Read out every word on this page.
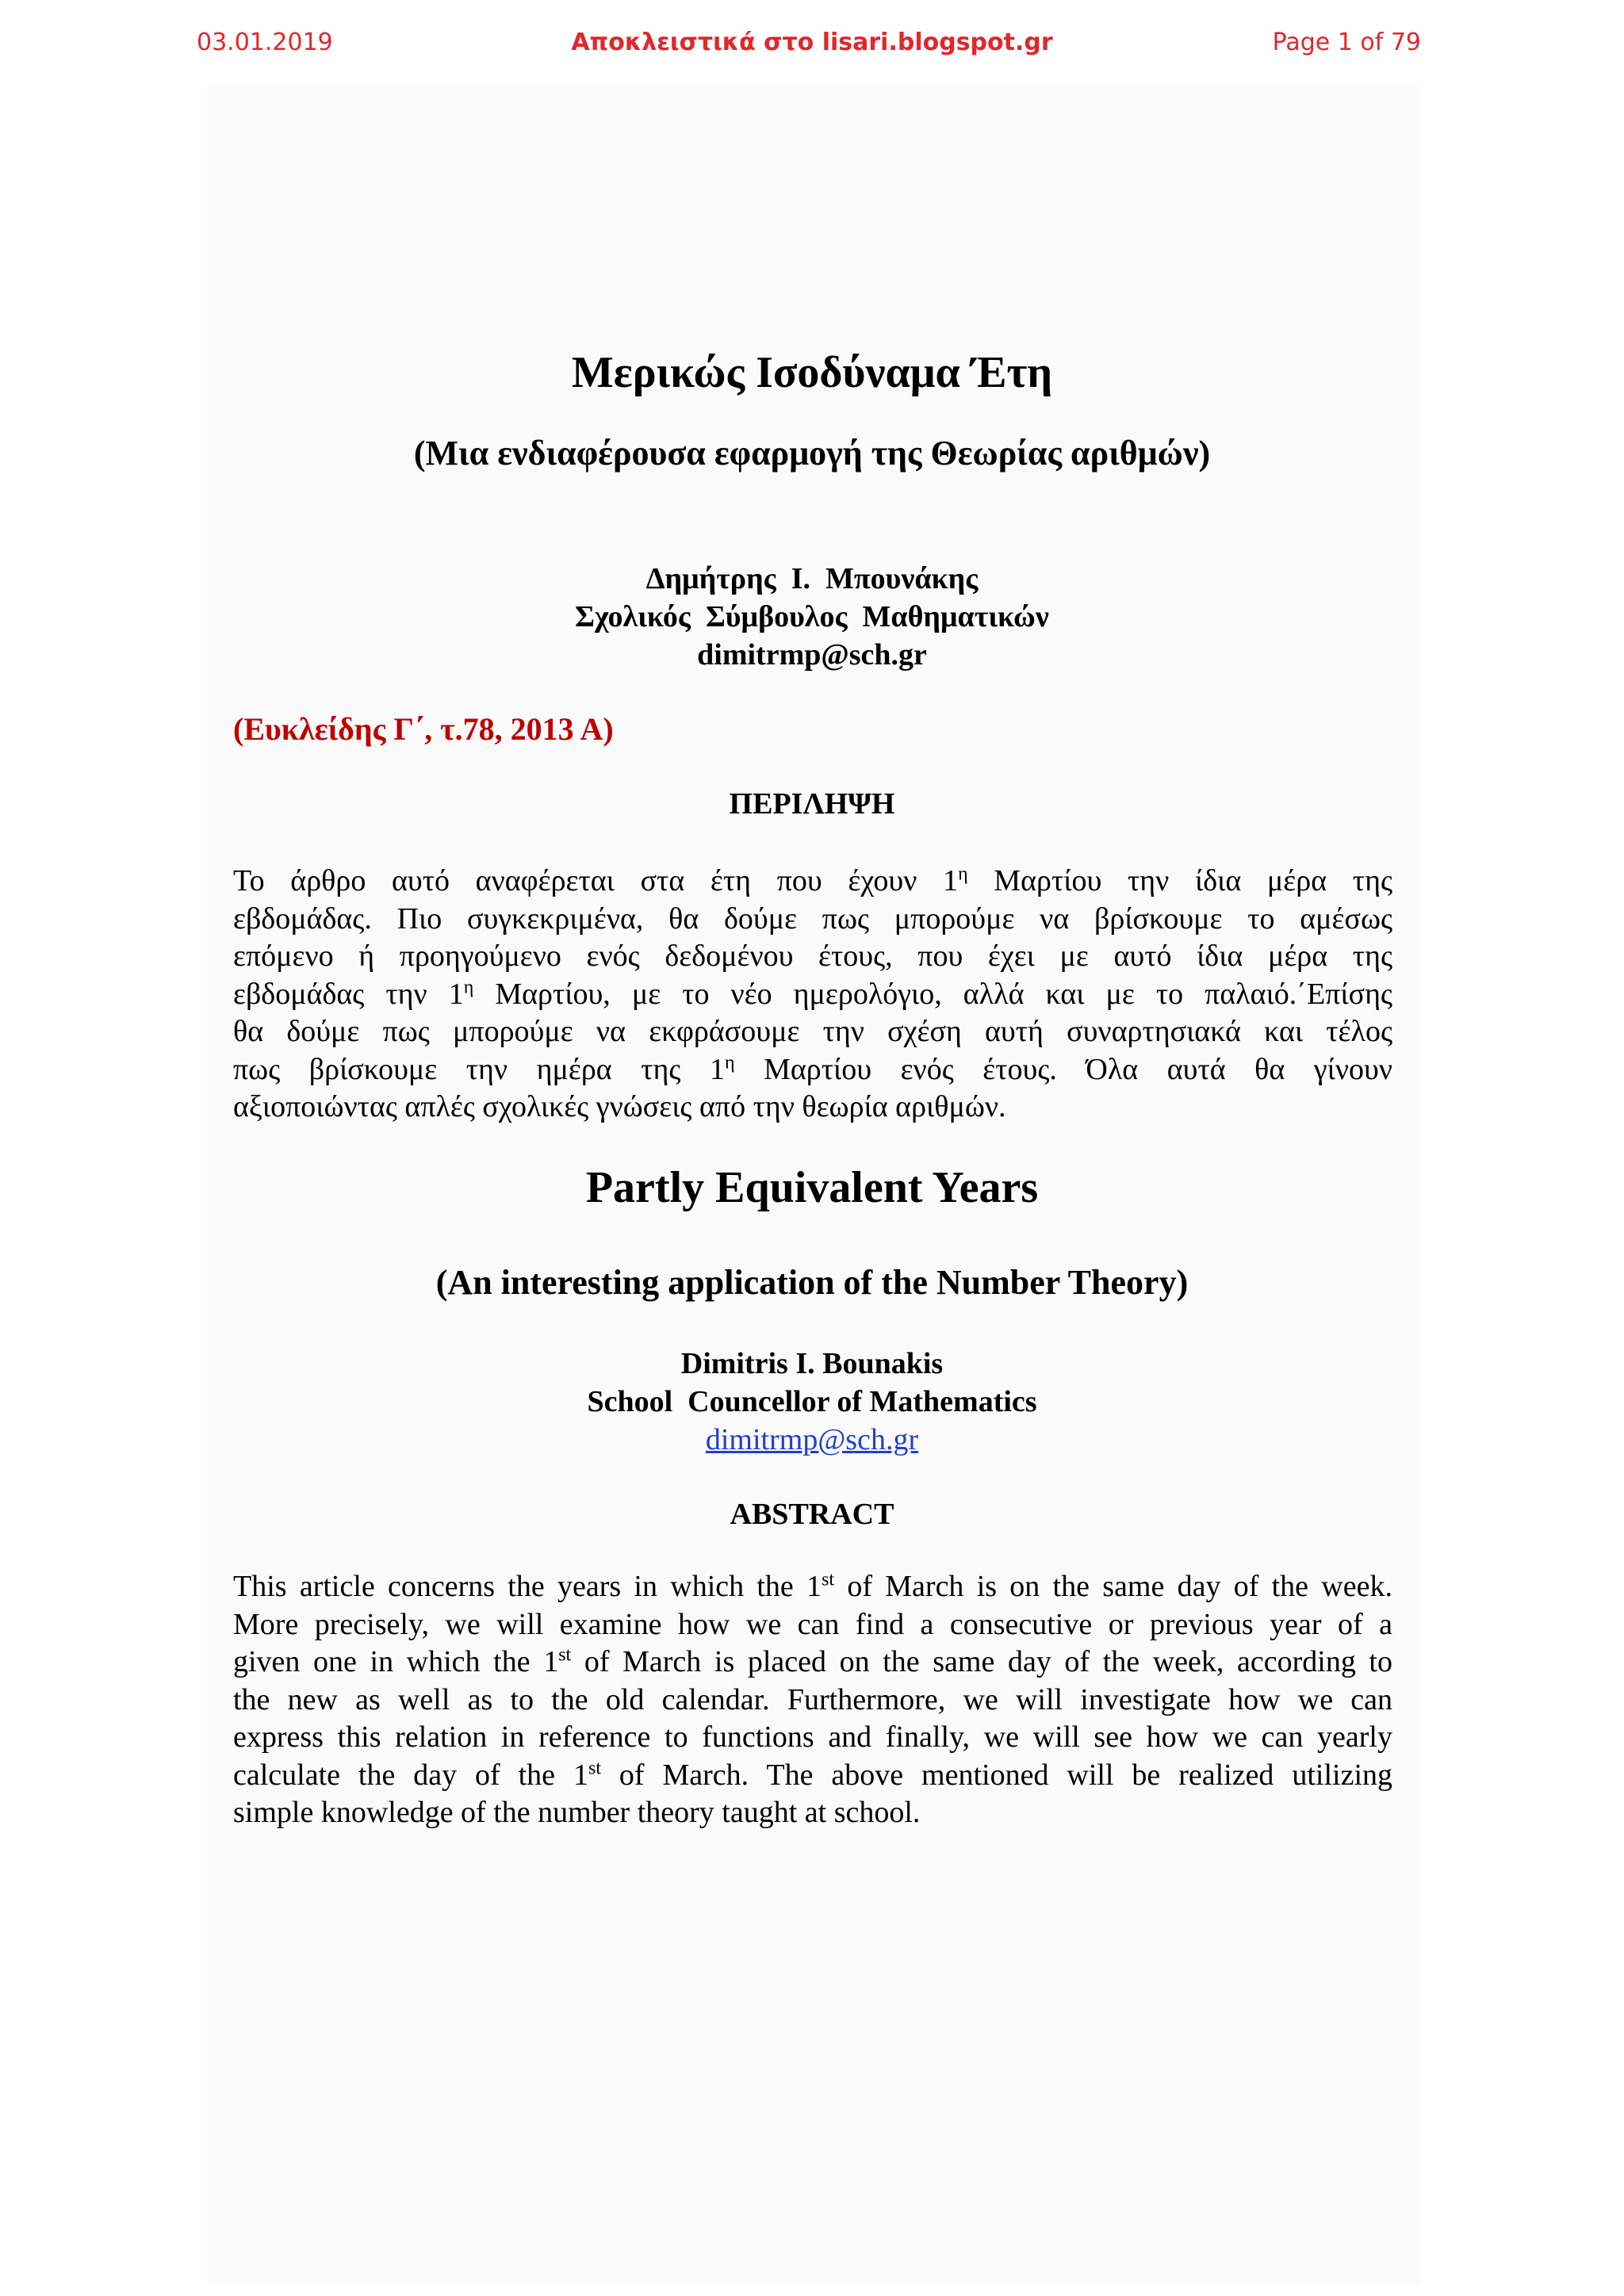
03.01.2019	Αποκλειστικά στο lisari.blogspot.gr	Page 1 of 79
Μερικώς Ισοδύναμα Έτη
(Μια ενδιαφέρουσα εφαρμογή της Θεωρίας αριθμών)
Δημήτρης  Ι.  Μπουνάκης
Σχολικός  Σύμβουλος  Μαθηματικών
dimitrmp@sch.gr
(Ευκλείδης Γ΄, τ.78, 2013 Α)
ΠΕΡΙΛΗΨΗ
Το άρθρο αυτό αναφέρεται στα έτη που έχουν $1^\eta$ Μαρτίου την ίδια μέρα της
εβδομάδας. Πιο συγκεκριμένα, θα δούμε πως μπορούμε να βρίσκουμε το αμέσως
επόμενο ή προηγούμενο ενός δεδομένου έτους, που έχει με αυτό ίδια μέρα της
εβδομάδας την $1^\eta$ Μαρτίου, με το νέο ημερολόγιο, αλλά και με το παλαιό.΄Επίσης
θα δούμε πως μπορούμε να εκφράσουμε την σχέση αυτή συναρτησιακά και τέλος
πως βρίσκουμε την ημέρα της $1^\eta$ Μαρτίου ενός έτους. Όλα αυτά θα γίνουν
αξιοποιώντας απλές σχολικές γνώσεις από την θεωρία αριθμών.
Partly Equivalent Years
(An interesting application of the Number Theory)
Dimitris I. Bounakis
School  Councellor of Mathematics
dimitrmp@sch.gr
ABSTRACT
This article concerns the years in which the 1st of March is on the same day of the week.
More precisely, we will examine how we can find a consecutive or previous year of a
given one in which the 1st of March is placed on the same day of the week, according to
the new as well as to the old calendar. Furthermore, we will investigate how we can
express this relation in reference to functions and finally, we will see how we can yearly
calculate the day of the 1st of March. The above mentioned will be realized utilizing
simple knowledge of the number theory taught at school.
